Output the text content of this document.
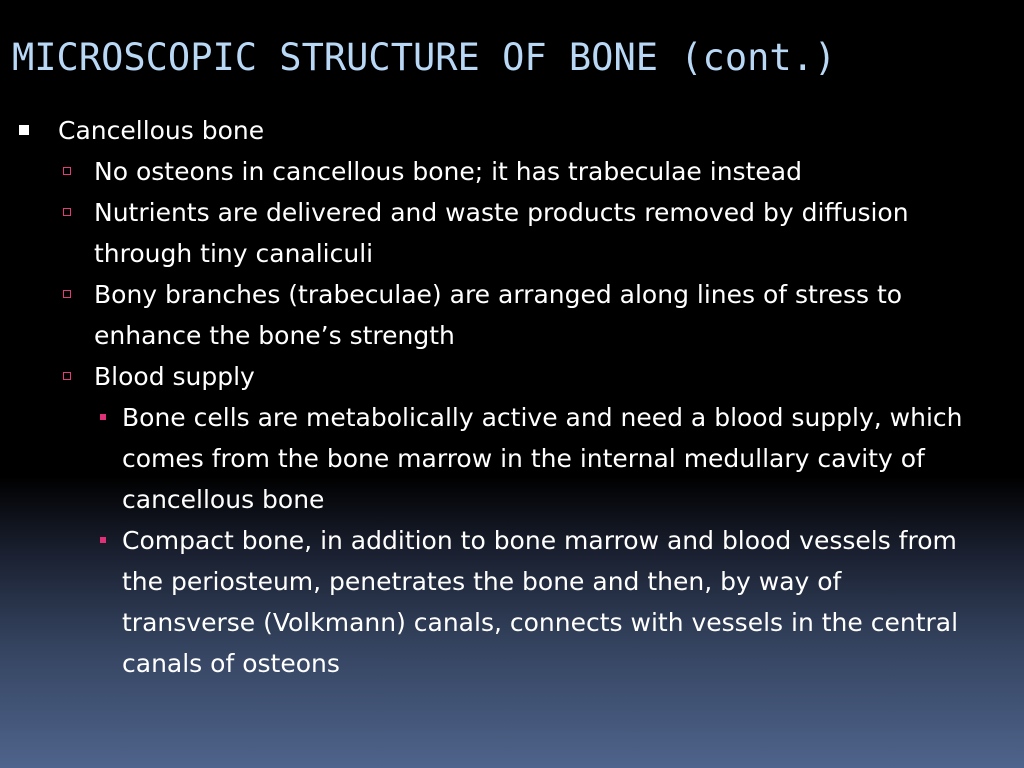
MICROSCOPIC STRUCTURE OF BONE (cont.)
Cancellous bone
No osteons in cancellous bone; it has trabeculae instead
Nutrients are delivered and waste products removed by diffusion through tiny canaliculi
Bony branches (trabeculae) are arranged along lines of stress to enhance the bone’s strength
Blood supply
Bone cells are metabolically active and need a blood supply, which comes from the bone marrow in the internal medullary cavity of cancellous bone
Compact bone, in addition to bone marrow and blood vessels from the periosteum, penetrates the bone and then, by way of transverse (Volkmann) canals, connects with vessels in the central canals of osteons
